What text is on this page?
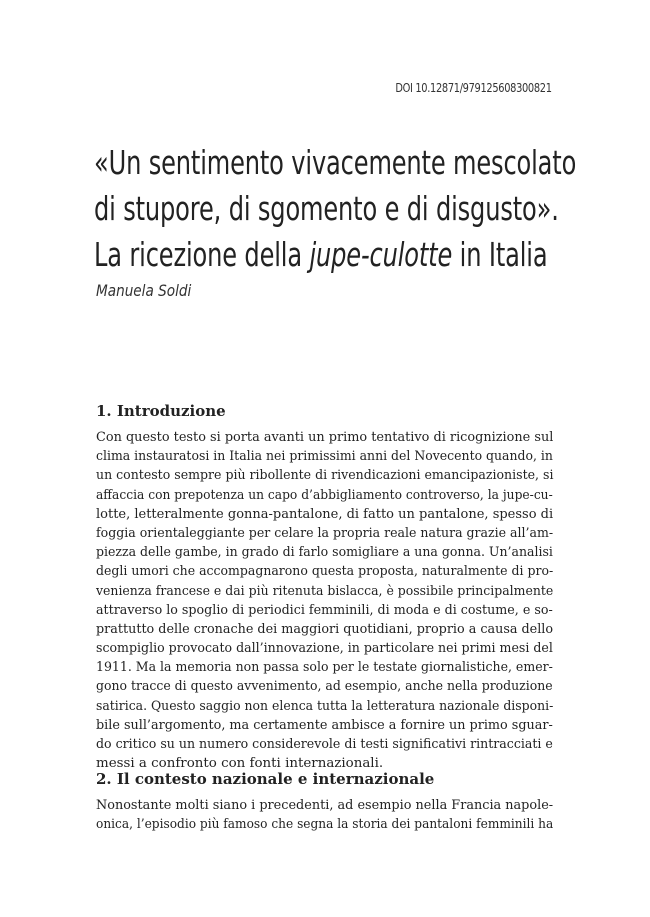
DOI 10.12871/979125608300821
«Un sentimento vivacemente mescolato
di stupore, di sgomento e di disgusto».
La ricezione della jupe-culotte in Italia
Manuela Soldi
1. Introduzione
Con questo testo si porta avanti un primo tentativo di ricognizione sul
clima instauratosi in Italia nei primissimi anni del Novecento quando, in
un contesto sempre più ribollente di rivendicazioni emancipazioniste, si
affaccia con prepotenza un capo d’abbigliamento controverso, la jupe-cu-
lotte, letteralmente gonna-pantalone, di fatto un pantalone, spesso di
foggia orientaleggiante per celare la propria reale natura grazie all’am-
piezza delle gambe, in grado di farlo somigliare a una gonna. Un’analisi
degli umori che accompagnarono questa proposta, naturalmente di pro-
venienza francese e dai più ritenuta bislacca, è possibile principalmente
attraverso lo spoglio di periodici femminili, di moda e di costume, e so-
prattutto delle cronache dei maggiori quotidiani, proprio a causa dello
scompiglio provocato dall’innovazione, in particolare nei primi mesi del
1911. Ma la memoria non passa solo per le testate giornalistiche, emer-
gono tracce di questo avvenimento, ad esempio, anche nella produzione
satirica. Questo saggio non elenca tutta la letteratura nazionale disponi-
bile sull’argomento, ma certamente ambisce a fornire un primo sguar-
do critico su un numero considerevole di testi significativi rintracciati e
messi a confronto con fonti internazionali.
2. Il contesto nazionale e internazionale
Nonostante molti siano i precedenti, ad esempio nella Francia napole-
onica, l’episodio più famoso che segna la storia dei pantaloni femminili ha
